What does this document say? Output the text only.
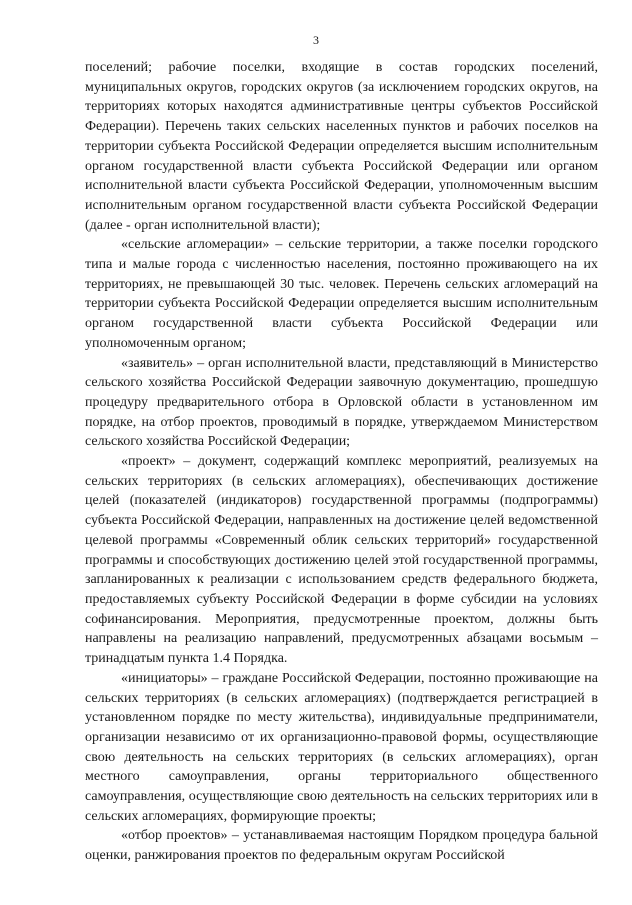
3

поселений; рабочие поселки, входящие в состав городских поселений, муниципальных округов, городских округов (за исключением городских округов, на территориях которых находятся административные центры субъектов Российской Федерации). Перечень таких сельских населенных пунктов и рабочих поселков на территории субъекта Российской Федерации определяется высшим исполнительным органом государственной власти субъекта Российской Федерации или органом исполнительной власти субъекта Российской Федерации, уполномоченным высшим исполнительным органом государственной власти субъекта Российской Федерации (далее - орган исполнительной власти);

«сельские агломерации» – сельские территории, а также поселки городского типа и малые города с численностью населения, постоянно проживающего на их территориях, не превышающей 30 тыс. человек. Перечень сельских агломераций на территории субъекта Российской Федерации определяется высшим исполнительным органом государственной власти субъекта Российской Федерации или уполномоченным органом;

«заявитель» – орган исполнительной власти, представляющий в Министерство сельского хозяйства Российской Федерации заявочную документацию, прошедшую процедуру предварительного отбора в Орловской области в установленном им порядке, на отбор проектов, проводимый в порядке, утверждаемом Министерством сельского хозяйства Российской Федерации;

«проект» – документ, содержащий комплекс мероприятий, реализуемых на сельских территориях (в сельских агломерациях), обеспечивающих достижение целей (показателей (индикаторов) государственной программы (подпрограммы) субъекта Российской Федерации, направленных на достижение целей ведомственной целевой программы «Современный облик сельских территорий» государственной программы и способствующих достижению целей этой государственной программы, запланированных к реализации с использованием средств федерального бюджета, предоставляемых субъекту Российской Федерации в форме субсидии на условиях софинансирования. Мероприятия, предусмотренные проектом, должны быть направлены на реализацию направлений, предусмотренных абзацами восьмым – тринадцатым пункта 1.4 Порядка.

«инициаторы» – граждане Российской Федерации, постоянно проживающие на сельских территориях (в сельских агломерациях) (подтверждается регистрацией в установленном порядке по месту жительства), индивидуальные предприниматели, организации независимо от их организационно-правовой формы, осуществляющие свою деятельность на сельских территориях (в сельских агломерациях), орган местного самоуправления, органы территориального общественного самоуправления, осуществляющие свою деятельность на сельских территориях или в сельских агломерациях, формирующие проекты;

«отбор проектов» – устанавливаемая настоящим Порядком процедура бальной оценки, ранжирования проектов по федеральным округам Российской
